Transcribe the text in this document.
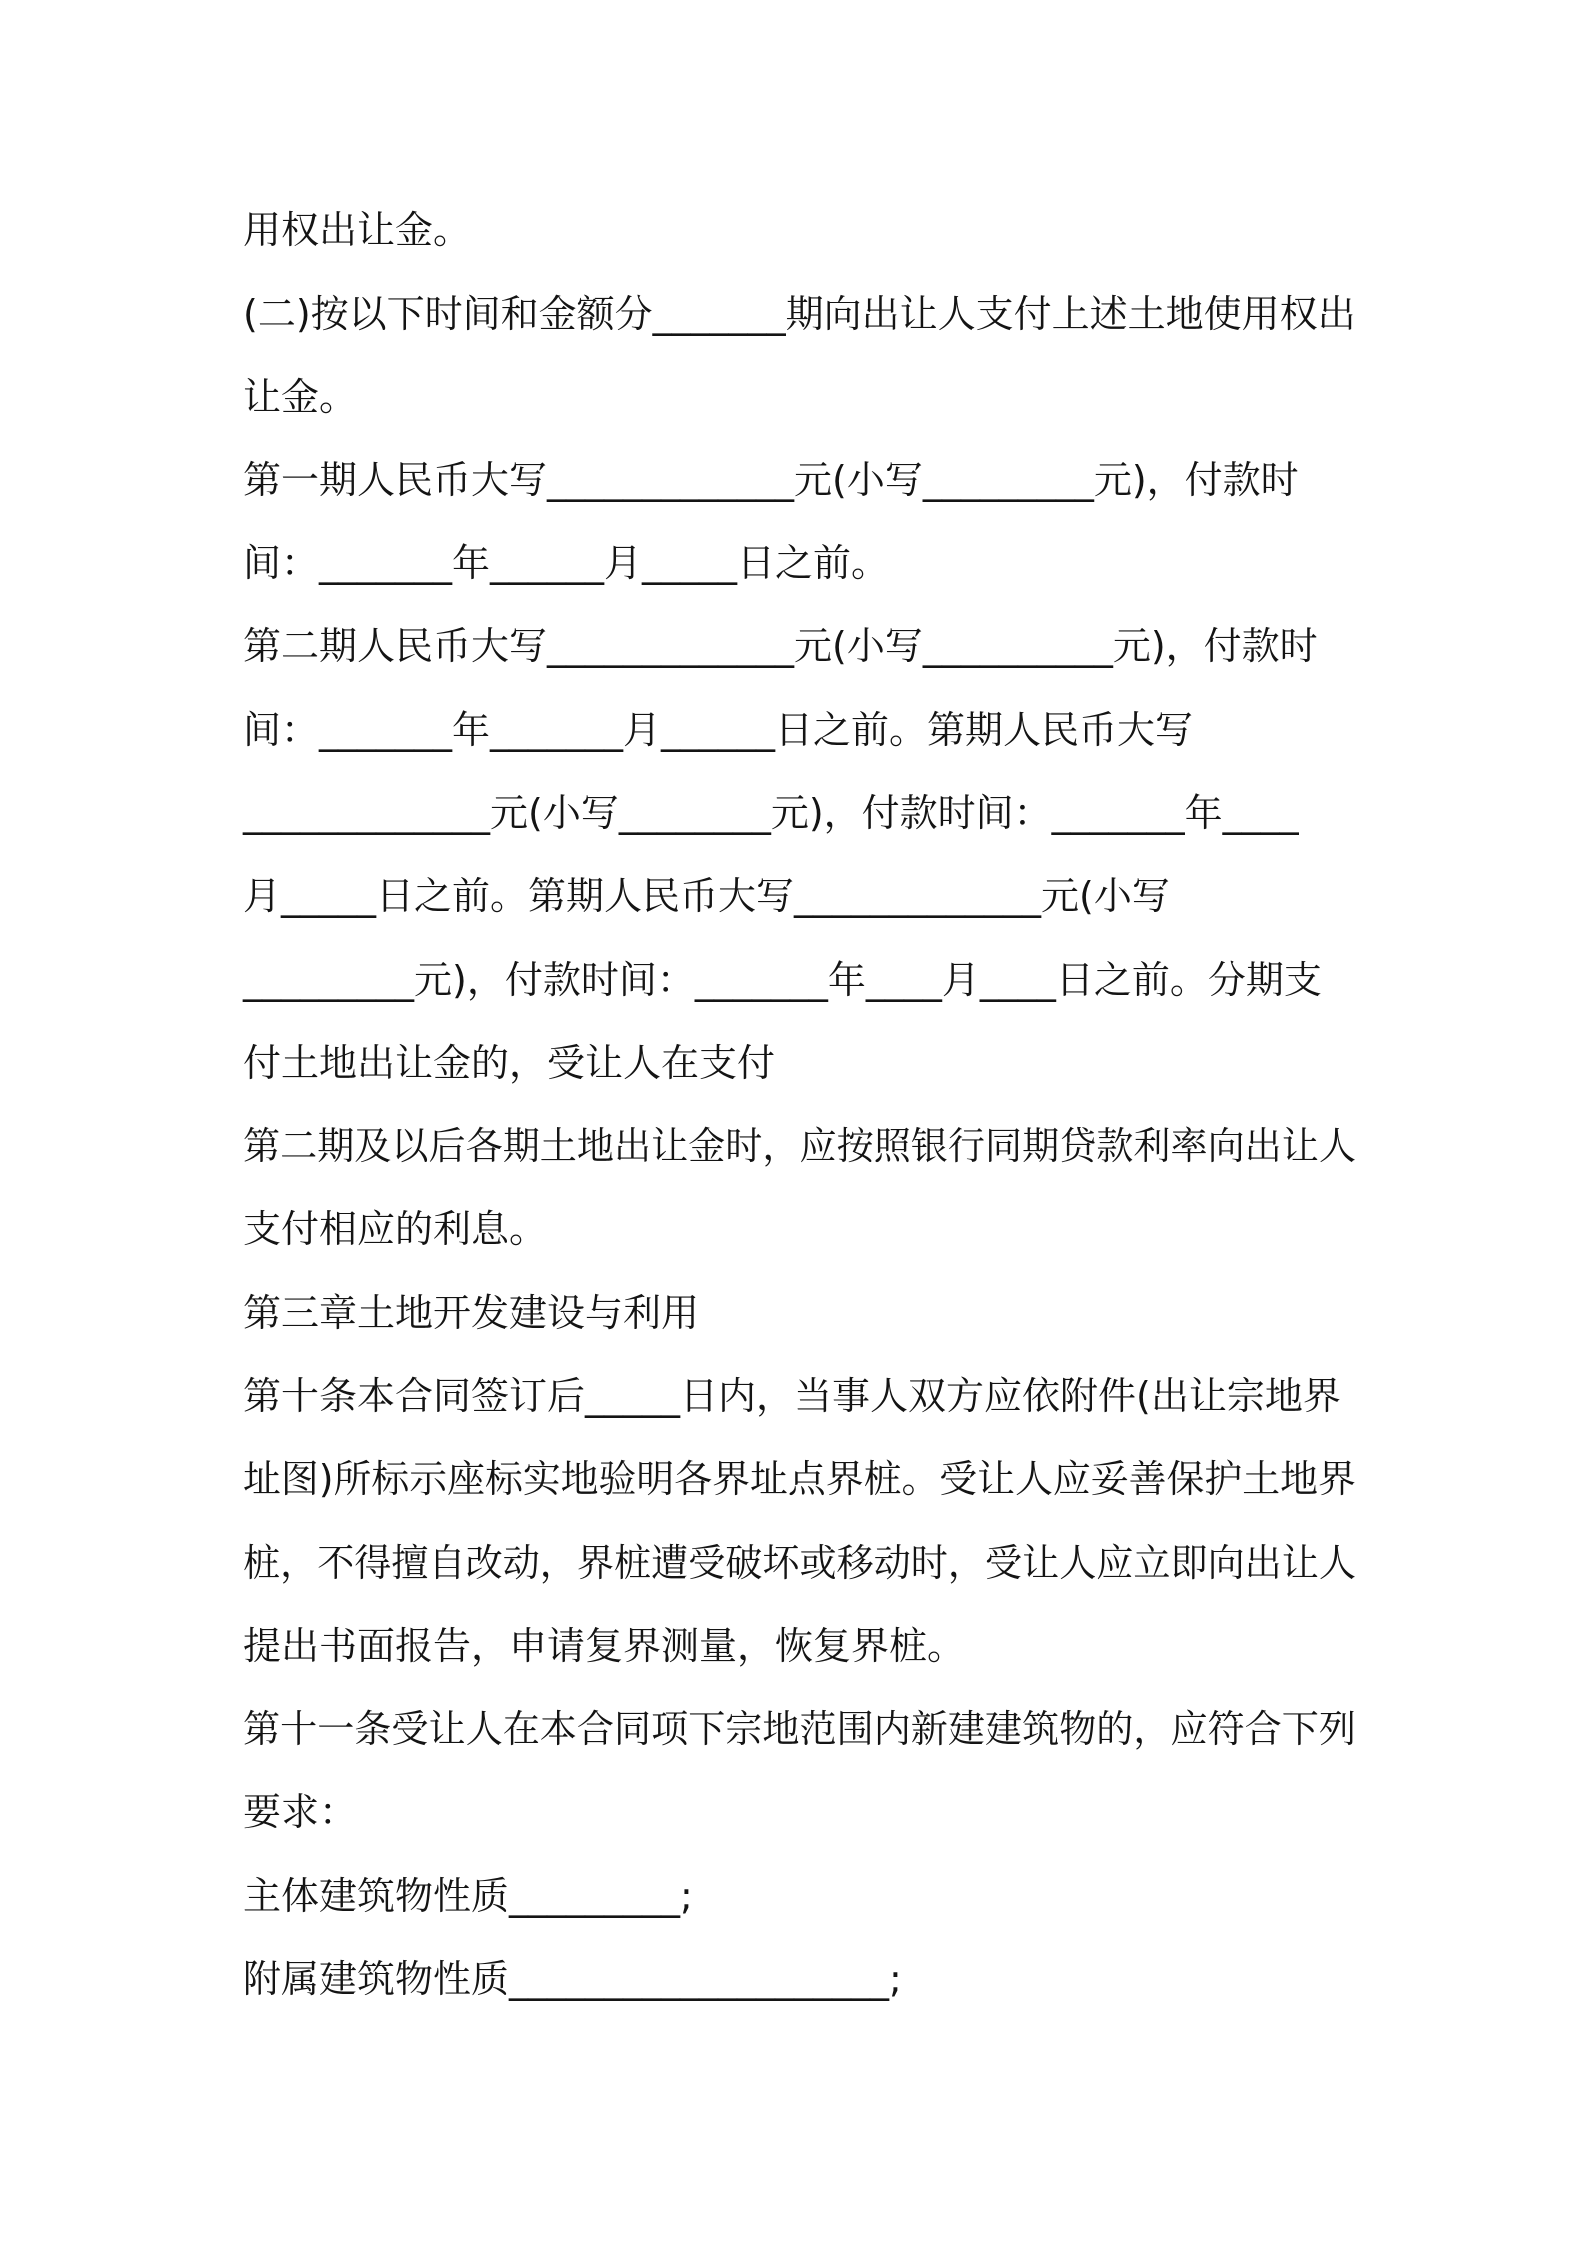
用权出让金。

(二)按以下时间和金额分_______期向出让人支付上述土地使用权出

让金。

第一期人民币大写_____________元(小写_________元)，付款时

间：_______年______月_____日之前。

第二期人民币大写_____________元(小写__________元)，付款时

间：_______年_______月______日之前。第期人民币大写

_____________元(小写________元)，付款时间：_______年____

月_____日之前。第期人民币大写_____________元(小写

_________元)，付款时间：_______年____月____日之前。分期支

付土地出让金的，受让人在支付

第二期及以后各期土地出让金时，应按照银行同期贷款利率向出让人

支付相应的利息。

第三章土地开发建设与利用

第十条本合同签订后_____日内，当事人双方应依附件(出让宗地界

址图)所标示座标实地验明各界址点界桩。受让人应妥善保护土地界

桩，不得擅自改动，界桩遭受破坏或移动时，受让人应立即向出让人

提出书面报告，申请复界测量，恢复界桩。

第十一条受让人在本合同项下宗地范围内新建建筑物的，应符合下列

要求：

主体建筑物性质_________;

附属建筑物性质____________________;
